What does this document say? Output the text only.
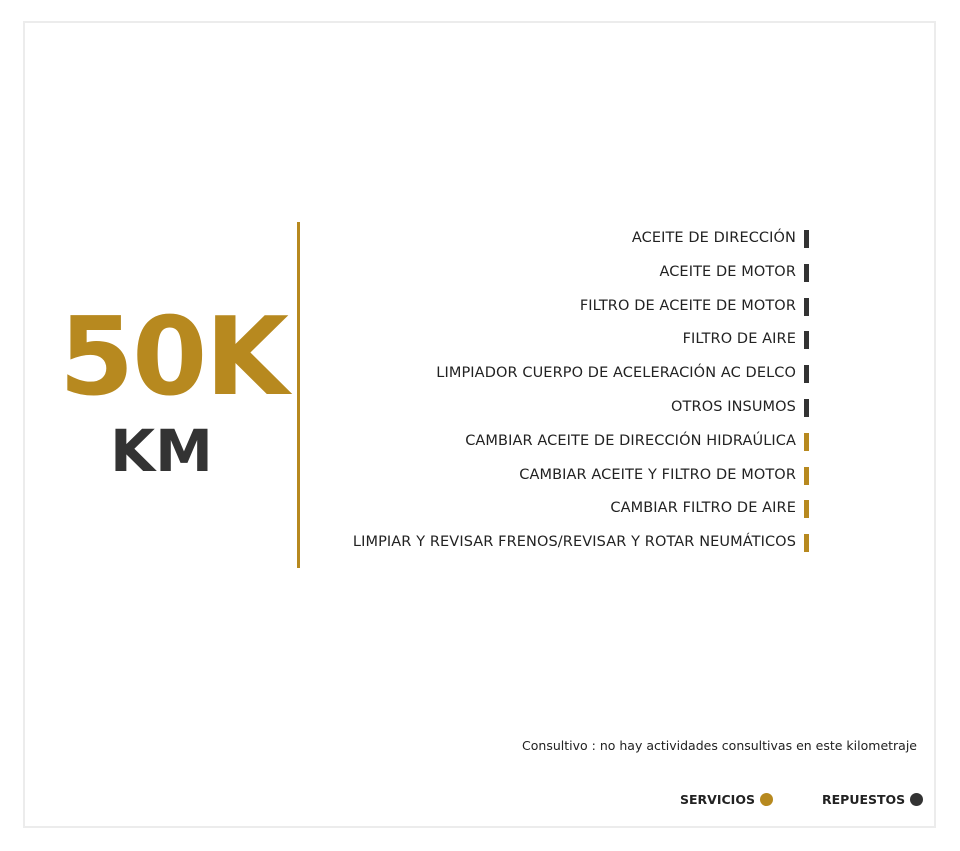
50K
KM
ACEITE DE DIRECCIÓN
ACEITE DE MOTOR
FILTRO DE ACEITE DE MOTOR
FILTRO DE AIRE
LIMPIADOR CUERPO DE ACELERACIÓN AC DELCO
OTROS INSUMOS
CAMBIAR ACEITE DE DIRECCIÓN HIDRAÚLICA
CAMBIAR ACEITE Y FILTRO DE MOTOR
CAMBIAR FILTRO DE AIRE
LIMPIAR Y REVISAR FRENOS/REVISAR Y ROTAR NEUMÁTICOS
Consultivo : no hay actividades consultivas en este kilometraje
SERVICIOS	REPUESTOS
